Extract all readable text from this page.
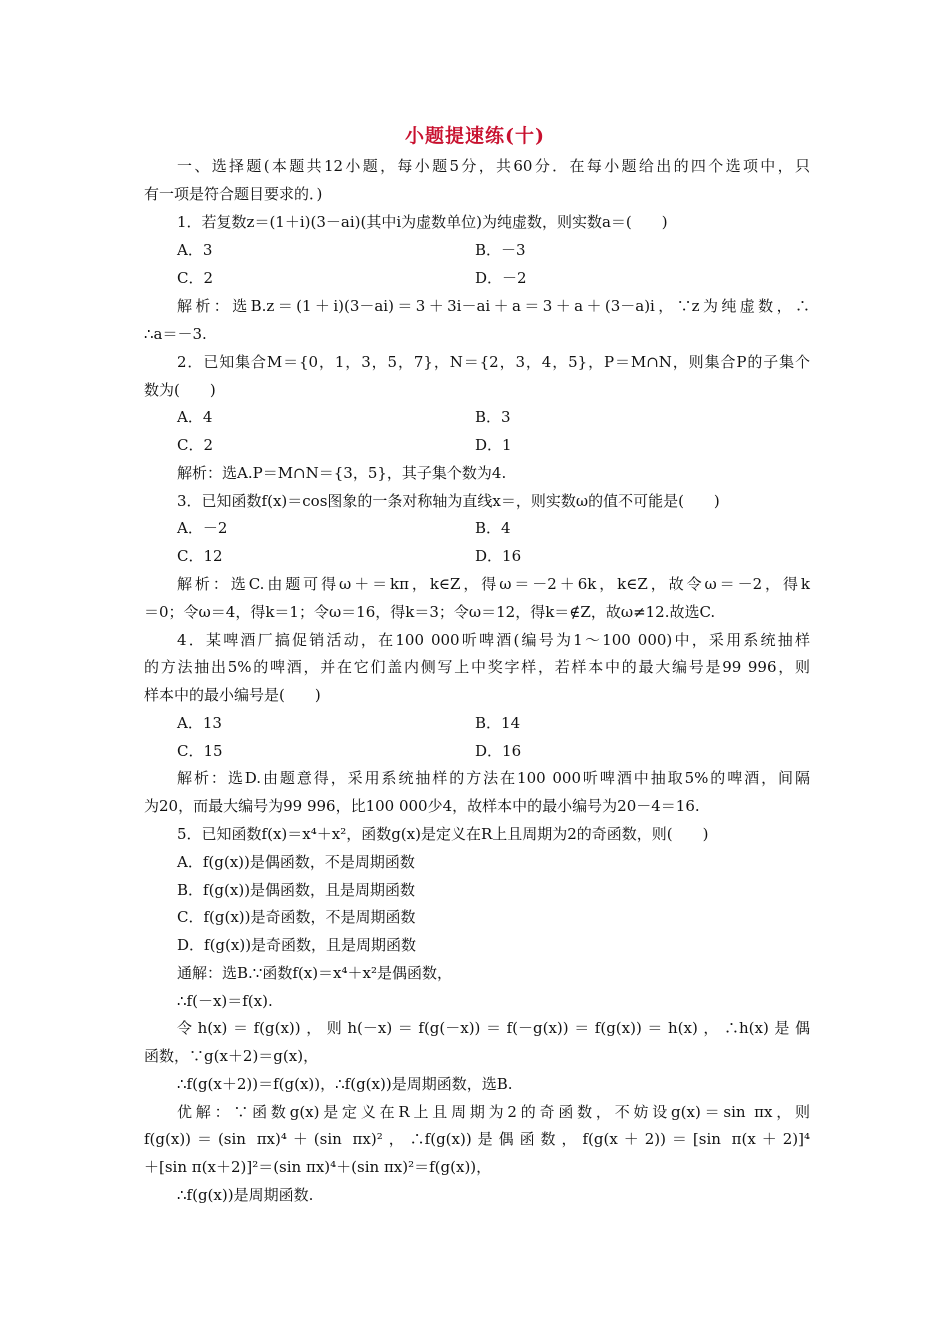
小题提速练(十)
一、选择题(本题共12小题，每小题5分，共60分．在每小题给出的四个选项中，只
有一项是符合题目要求的．)
1．若复数z＝(1＋i)(3－ai)(其中i为虚数单位)为纯虚数，则实数a＝(　　)
A．3	B．－3
C．2	D．－2
解析：选B.z＝(1＋i)(3－ai)＝3＋3i－ai＋a＝3＋a＋(3－a)i，∵z为纯虚数，∴
∴a＝－3.
2．已知集合M＝{0，1，3，5，7}，N＝{2，3，4，5}，P＝M∩N，则集合P的子集个
数为(　　)
A．4	B．3
C．2	D．1
解析：选A.P＝M∩N＝{3，5}，其子集个数为4.
3．已知函数f(x)＝cos图象的一条对称轴为直线x＝，则实数ω的值不可能是(　　)
A．－2	B．4
C．12	D．16
解析：选C.由题可得ω＋＝kπ，k∈Z，得ω＝－2＋6k，k∈Z，故令ω＝－2，得k
＝0；令ω＝4，得k＝1；令ω＝16，得k＝3；令ω＝12，得k＝∉Z，故ω≠12.故选C.
4．某啤酒厂搞促销活动，在100 000听啤酒(编号为1～100 000)中，采用系统抽样
的方法抽出5%的啤酒，并在它们盖内侧写上中奖字样，若样本中的最大编号是99 996，则
样本中的最小编号是(　　)
A．13	B．14
C．15	D．16
解析：选D.由题意得，采用系统抽样的方法在100 000听啤酒中抽取5%的啤酒，间隔
为20，而最大编号为99 996，比100 000少4，故样本中的最小编号为20－4＝16.
5．已知函数f(x)＝x⁴＋x²，函数g(x)是定义在R上且周期为2的奇函数，则(　　)
A．f(g(x))是偶函数，不是周期函数
B．f(g(x))是偶函数，且是周期函数
C．f(g(x))是奇函数，不是周期函数
D．f(g(x))是奇函数，且是周期函数
通解：选B.∵函数f(x)＝x⁴＋x²是偶函数，
∴f(－x)＝f(x).
令h(x)＝f(g(x))，则h(－x)＝f(g(－x))＝f(－g(x))＝f(g(x))＝h(x)，∴h(x)是偶
函数，∵g(x＋2)＝g(x)，
∴f(g(x＋2))＝f(g(x))，∴f(g(x))是周期函数，选B.
优解：∵函数g(x)是定义在R上且周期为2的奇函数，不妨设g(x)＝sin πx，则
f(g(x))＝(sin πx)⁴＋(sin πx)²，∴f(g(x))是偶函数，f(g(x＋2))＝[sin π(x＋2)]⁴
＋[sin π(x＋2)]²＝(sin πx)⁴＋(sin πx)²＝f(g(x))，
∴f(g(x))是周期函数.
